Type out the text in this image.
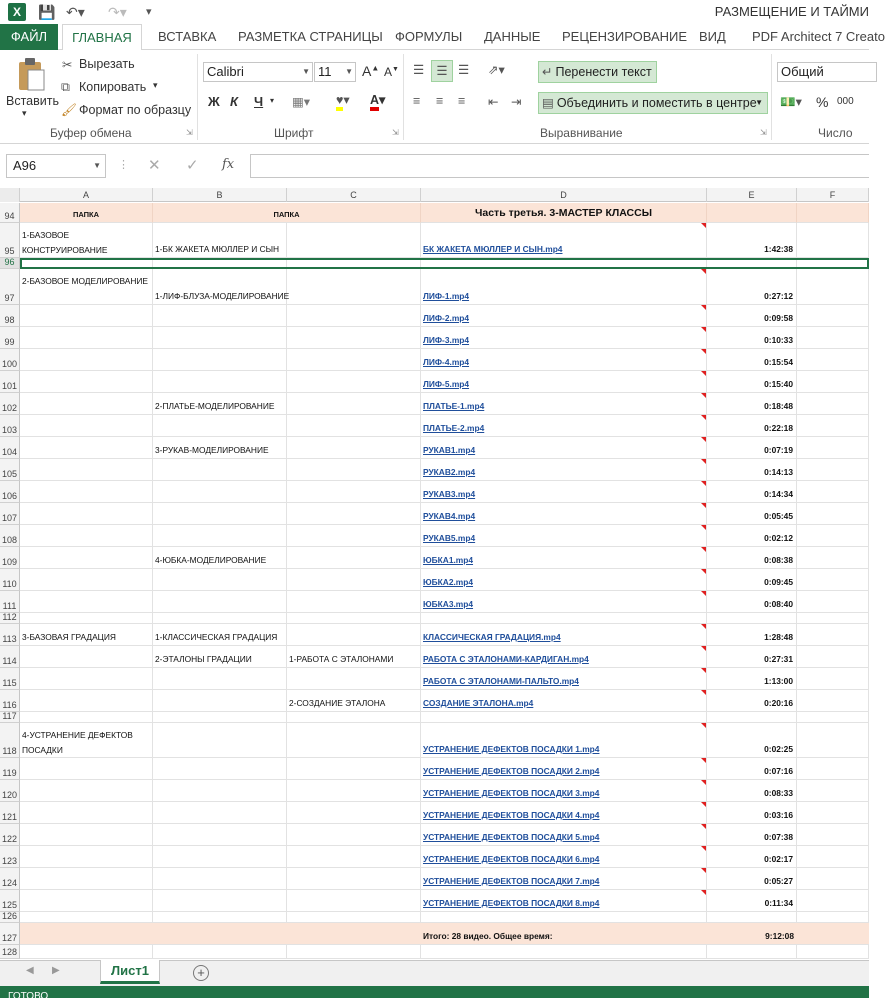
X	💾 ↶▾ ↷▾ ▾	РАЗМЕЩЕНИЕ И ТАЙМИ
ФАЙЛ	ГЛАВНАЯ	ВСТАВКА РАЗМЕТКА СТРАНИЦЫ ФОРМУЛЫ ДАННЫЕ РЕЦЕНЗИРОВАНИЕ ВИД PDF Architect 7 Creato
Вставить
▾
✂ Вырезать
⧉ Копировать ▾
🖌 Формат по образцу
Буфер обмена	⇲
Calibri	▼ 11 ▼ A▲ A▼
Ж К Ч ▾ ▦▾ ♥▾ A▾
Шрифт	⇲
☰ ☰ ☰ ⇗▾
≡ ≡ ≡ ⇤ ⇥
↵ Перенести текст
▤ Объединить и поместить в центре
▼
Выравнивание	⇲
Общий
💵▾ % 000
Число
A96	▼ ⋮ ✕ ✓ fx
A	B	C	D	E	F
94	ПАПКА	ПАПКА	Часть третья. 3-МАСТЕР КЛАССЫ
95
1-БАЗОВОЕ КОНСТРУИРОВАНИЕ	1-БК ЖАКЕТА МЮЛЛЕР И СЫН	БК ЖАКЕТА МЮЛЛЕР И СЫН.mp4	1:42:38
96
97
2-БАЗОВОЕ МОДЕЛИРОВАНИЕ
1-ЛИФ-БЛУЗА-МОДЕЛИРОВАНИЕ	ЛИФ-1.mp4	0:27:12
98	ЛИФ-2.mp4	0:09:58
99	ЛИФ-3.mp4	0:10:33
100	ЛИФ-4.mp4	0:15:54
101	ЛИФ-5.mp4	0:15:40
102	2-ПЛАТЬЕ-МОДЕЛИРОВАНИЕ	ПЛАТЬЕ-1.mp4	0:18:48
103	ПЛАТЬЕ-2.mp4	0:22:18
104	3-РУКАВ-МОДЕЛИРОВАНИЕ	РУКАВ1.mp4	0:07:19
105	РУКАВ2.mp4	0:14:13
106	РУКАВ3.mp4	0:14:34
107	РУКАВ4.mp4	0:05:45
108	РУКАВ5.mp4	0:02:12
109	4-ЮБКА-МОДЕЛИРОВАНИЕ	ЮБКА1.mp4	0:08:38
110	ЮБКА2.mp4	0:09:45
111	ЮБКА3.mp4	0:08:40
112
113 3-БАЗОВАЯ ГРАДАЦИЯ	1-КЛАССИЧЕСКАЯ ГРАДАЦИЯ	КЛАССИЧЕСКАЯ ГРАДАЦИЯ.mp4	1:28:48
114	2-ЭТАЛОНЫ ГРАДАЦИИ	1-РАБОТА С ЭТАЛОНАМИ	РАБОТА С ЭТАЛОНАМИ-КАРДИГАН.mp4	0:27:31
115	РАБОТА С ЭТАЛОНАМИ-ПАЛЬТО.mp4	1:13:00
116	2-СОЗДАНИЕ ЭТАЛОНА	СОЗДАНИЕ ЭТАЛОНА.mp4	0:20:16
117
118
4-УСТРАНЕНИЕ ДЕФЕКТОВ ПОСАДКИ	УСТРАНЕНИЕ ДЕФЕКТОВ ПОСАДКИ 1.mp4	0:02:25
119	УСТРАНЕНИЕ ДЕФЕКТОВ ПОСАДКИ 2.mp4	0:07:16
120	УСТРАНЕНИЕ ДЕФЕКТОВ ПОСАДКИ 3.mp4	0:08:33
121	УСТРАНЕНИЕ ДЕФЕКТОВ ПОСАДКИ 4.mp4	0:03:16
122	УСТРАНЕНИЕ ДЕФЕКТОВ ПОСАДКИ 5.mp4	0:07:38
123	УСТРАНЕНИЕ ДЕФЕКТОВ ПОСАДКИ 6.mp4	0:02:17
124	УСТРАНЕНИЕ ДЕФЕКТОВ ПОСАДКИ 7.mp4	0:05:27
125	УСТРАНЕНИЕ ДЕФЕКТОВ ПОСАДКИ 8.mp4	0:11:34
126
127	Итого: 28 видео. Общее время:	9:12:08
128
◀ ▶	Лист1	+
ГОТОВО
